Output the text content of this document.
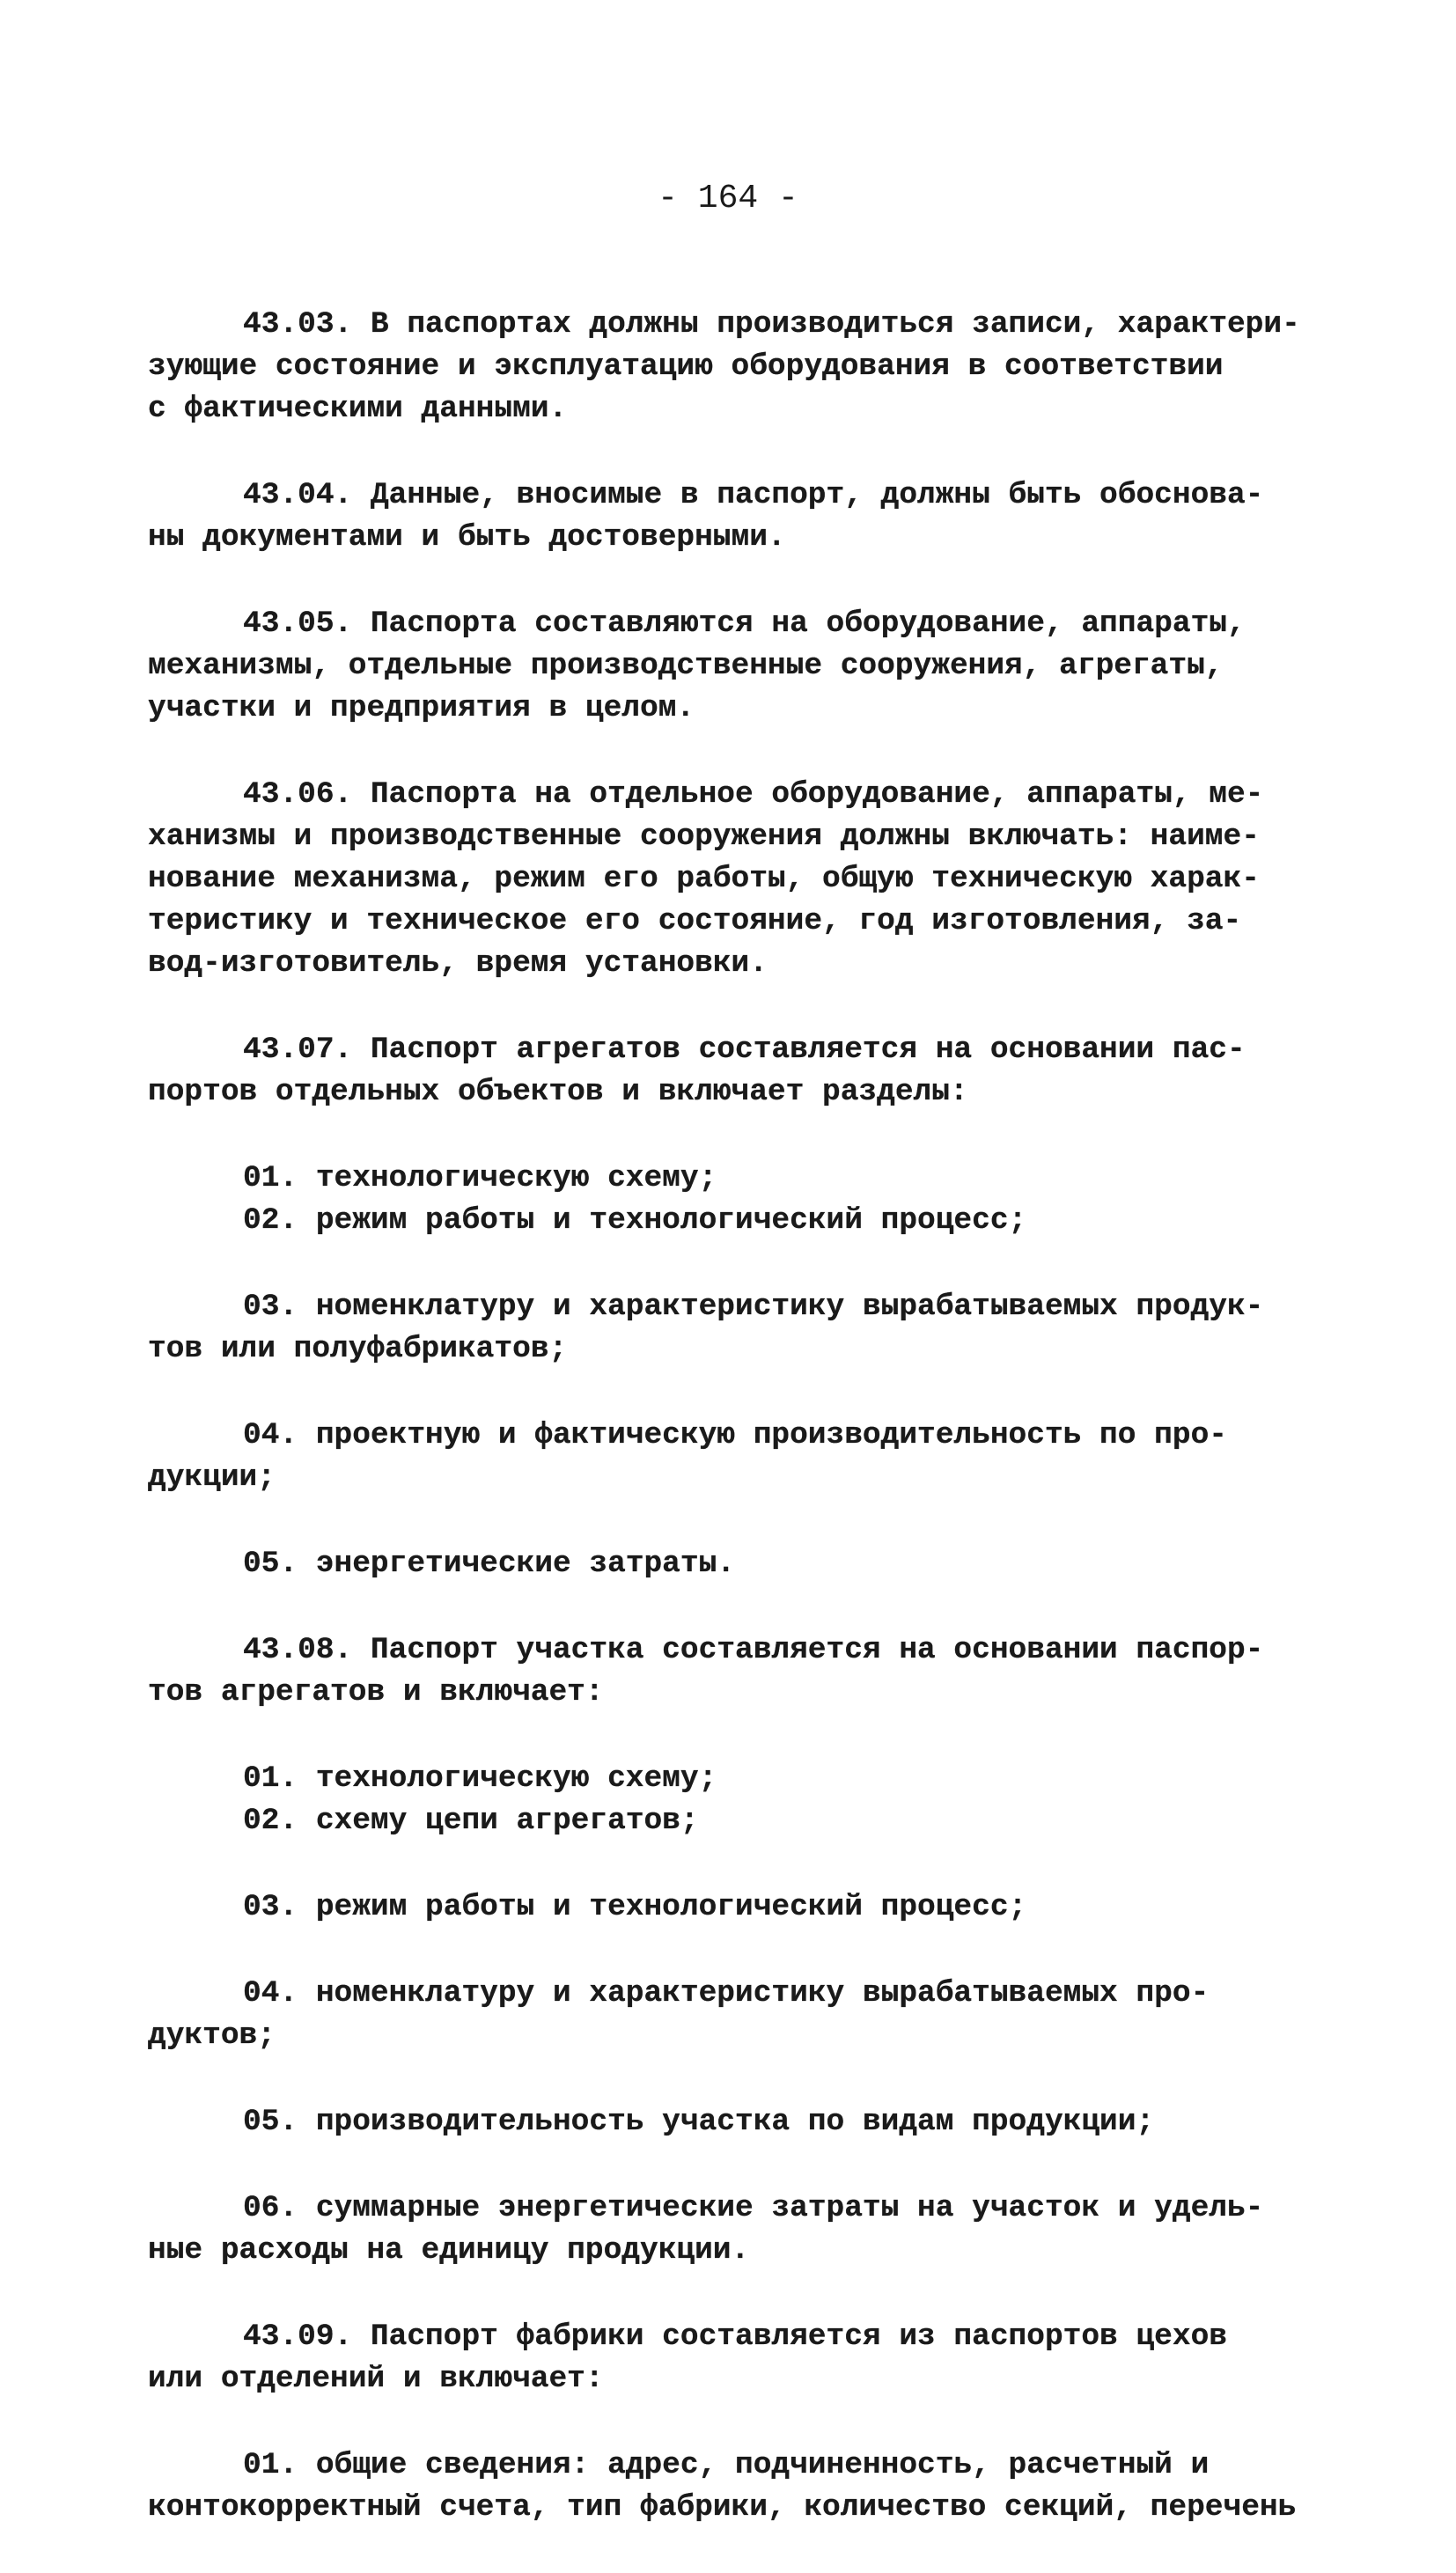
- 164 -
43.03. В паспортах должны производиться записи, характери-
зующие состояние и эксплуатацию оборудования в соответствии
с фактическими данными.
43.04. Данные, вносимые в паспорт, должны быть обоснова-
ны документами и быть достоверными.
43.05. Паспорта составляются на оборудование, аппараты,
механизмы, отдельные производственные сооружения, агрегаты,
участки и предприятия в целом.
43.06. Паспорта на отдельное оборудование, аппараты, ме-
ханизмы и производственные сооружения должны включать: наиме-
нование механизма, режим его работы, общую техническую харак-
теристику и техническое его состояние, год изготовления, за-
вод-изготовитель, время установки.
43.07. Паспорт агрегатов составляется на основании пас-
портов отдельных объектов и включает разделы:
01. технологическую схему;
02. режим работы и технологический процесс;
03. номенклатуру и характеристику вырабатываемых продук-
тов или полуфабрикатов;
04. проектную и фактическую производительность по про-
дукции;
05. энергетические затраты.
43.08. Паспорт участка составляется на основании паспор-
тов агрегатов и включает:
01. технологическую схему;
02. схему цепи агрегатов;
03. режим работы и технологический процесс;
04. номенклатуру и характеристику вырабатываемых про-
дуктов;
05. производительность участка по видам продукции;
06. суммарные энергетические затраты на участок и удель-
ные расходы на единицу продукции.
43.09. Паспорт фабрики составляется из паспортов цехов
или отделений и включает:
01. общие сведения: адрес, подчиненность, расчетный и
контокорректный счета, тип фабрики, количество секций, перечень
